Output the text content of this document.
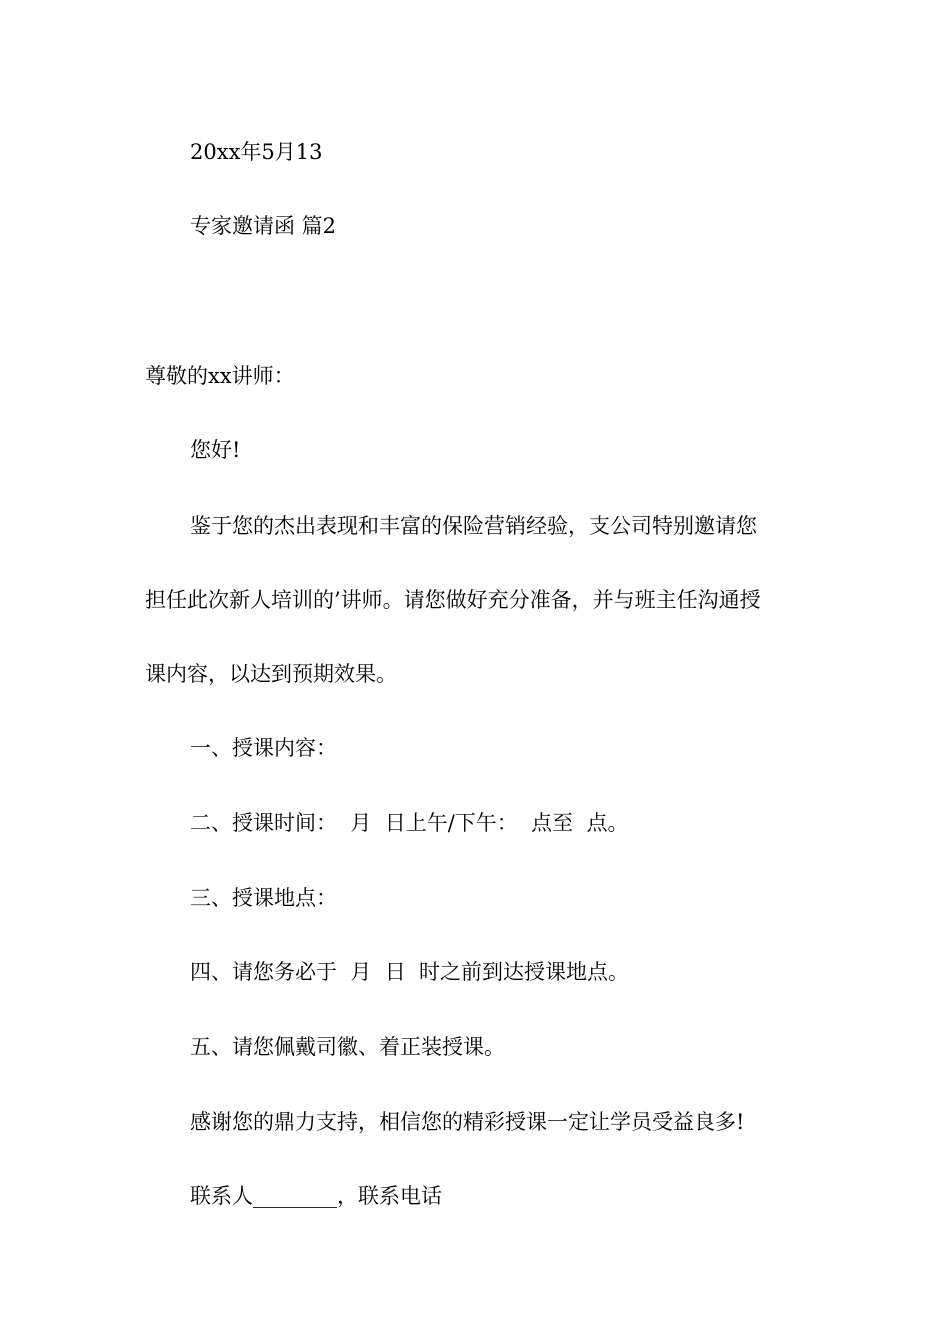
20xx年5月13

专家邀请函 篇2

尊敬的xx讲师：

您好!

鉴于您的杰出表现和丰富的保险营销经验，支公司特别邀请您

担任此次新人培训的’讲师。请您做好充分准备，并与班主任沟通授

课内容，以达到预期效果。

一、授课内容：

二、授课时间：  月  日上午/下午：  点至  点。

三、授课地点：

四、请您务必于  月  日  时之前到达授课地点。

五、请您佩戴司徽、着正装授课。

感谢您的鼎力支持，相信您的精彩授课一定让学员受益良多!

联系人________，联系电话
